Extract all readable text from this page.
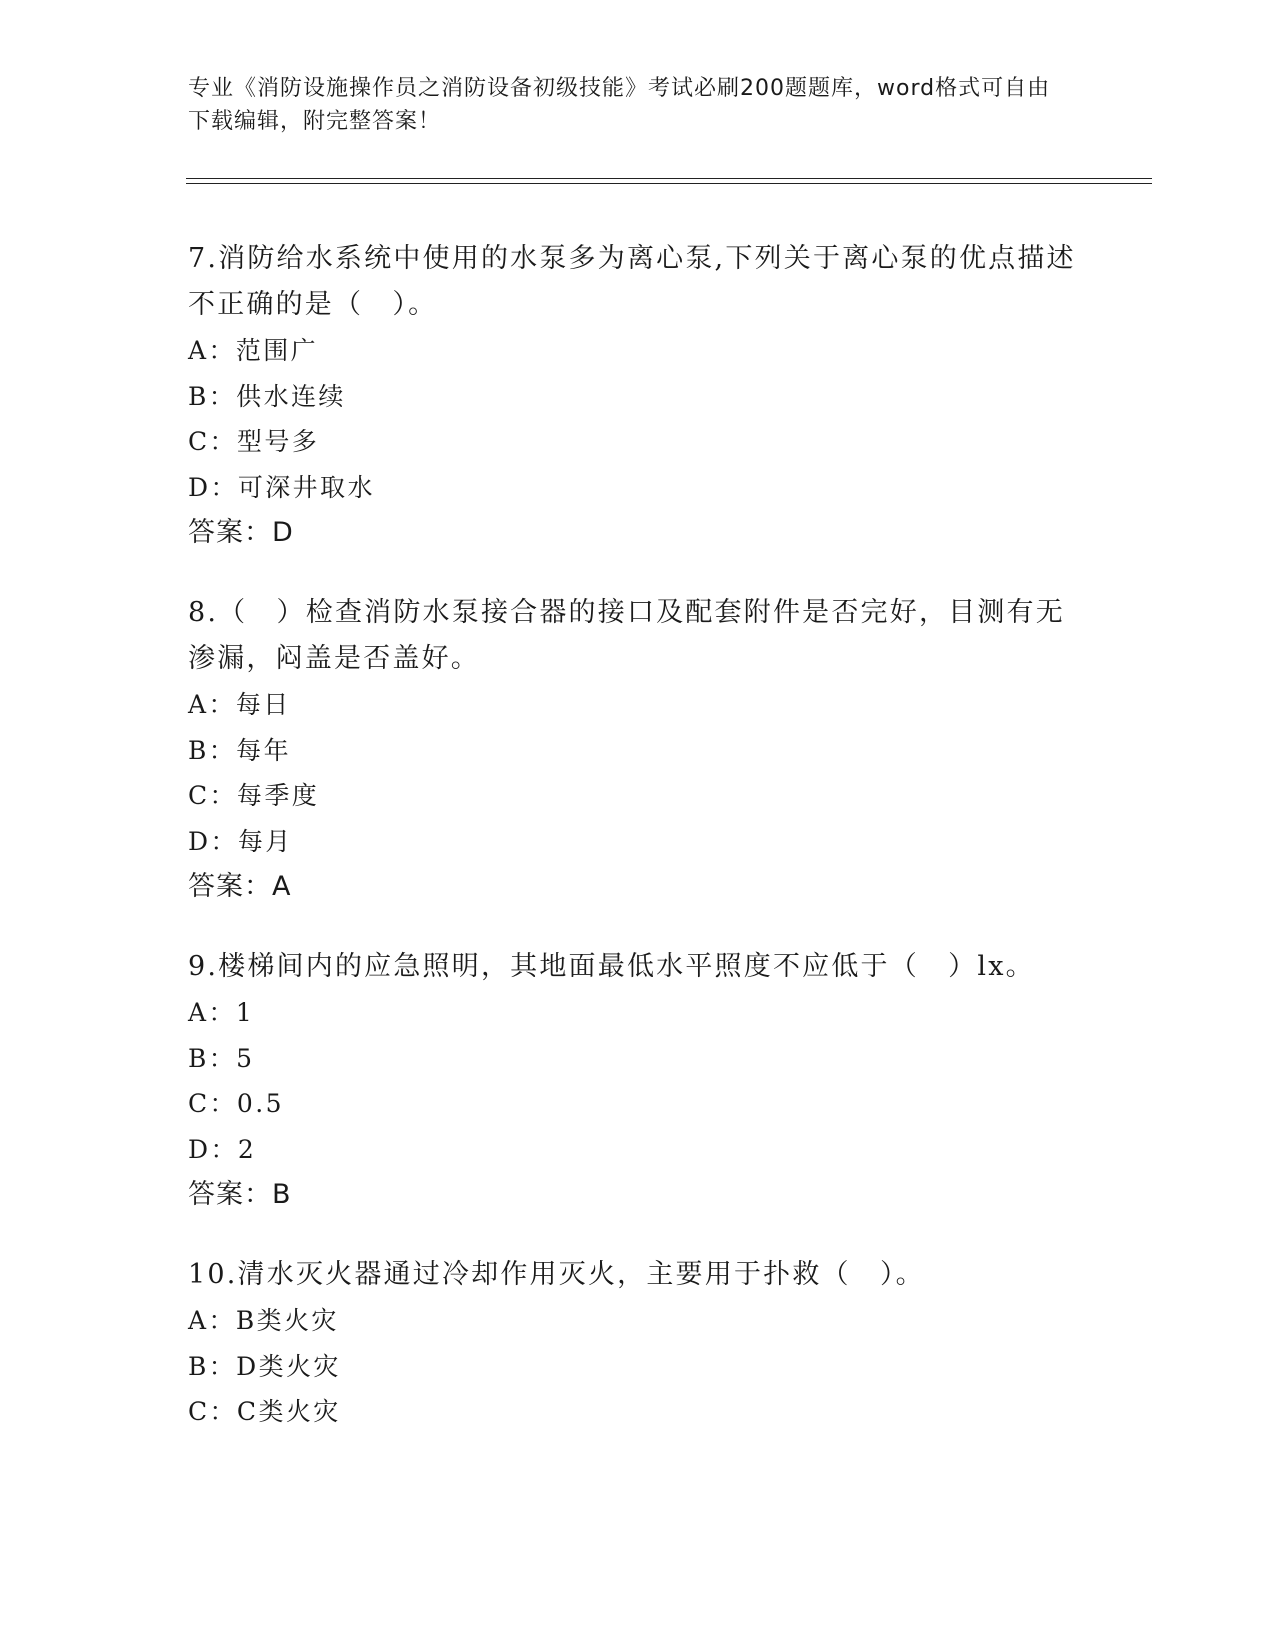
专业《消防设施操作员之消防设备初级技能》考试必刷200题题库，word格式可自由下载编辑，附完整答案！
7.消防给水系统中使用的水泵多为离心泵,下列关于离心泵的优点描述不正确的是（　）。
A：范围广
B：供水连续
C：型号多
D：可深井取水
答案：D
8.（　）检查消防水泵接合器的接口及配套附件是否完好，目测有无渗漏，闷盖是否盖好。
A：每日
B：每年
C：每季度
D：每月
答案：A
9.楼梯间内的应急照明，其地面最低水平照度不应低于（　）lx。
A：1
B：5
C：0.5
D：2
答案：B
10.清水灭火器通过冷却作用灭火，主要用于扑救（　）。
A：B类火灾
B：D类火灾
C：C类火灾
